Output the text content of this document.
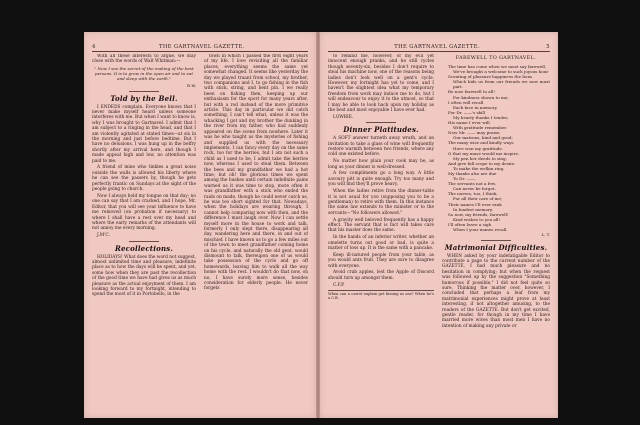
4	THE GARTNAVEL GAZETTE.

With all these interests to argue, we may close with the words of Walt Whitman:—

" Now I see the secret of the making of the best persons. It is to grow in the open air and to eat and sleep with the earth."
R.W.
Told by the Bell.

I ENDEDS complain. Everyone knows that I never make myself heard unless someone interferes with me. But when I want to know is, why I was brought to Gartnavel. I admit that I am subject to a ringing in the head, and that I am violently agitated at stated times—at six in the morning and just before bedtime. But I have no delusions. I was hung up in the belfry shortly after my arrival here, and though I made appeal high and low, no attention was paid to me.

A friend of mine who tinkles a great noise outside the walls is allowed his liberty where he can see the passers by, though he gets perfectly frantic on Sundays at the sight of the people going to church.

Now I always hold my tongue on that day; no one can say that I am cracked, and I hope, Mr. Editor, that you will see your influence to have me removed (on probation if necessary) to where I shall have a rest over my head and where the early remarks of the attendants will not annoy me every morning.

J.M'C.

Recollections.

HOLIDAYS! What does the word not suggest, almost unlimited time and pleasure, indefinite place as to how the days will be spent, and yet, some how when they are past the recollection of the good time we have had gives us as much pleasure as the actual enjoyment of them. I am looking forward to my fortnight, intending to spend the most of it in Portobello, in the

town in which I passed the first eight years of my life. I love revisiting all the familiar places, everything seems the same yet somewhat changed. It seems like yesterday the day we played truant from school, my brother, two companions and I, to go fishing in the fish with stick, string, and bent pin. I we really been on fishing then, keeping up our enthusiasm for the sport for many years after, but with a rod instead of the more primitive article. This day in particular we did catch something, I can't tell what, unless it was the whacking I got and my brother the dunking in the river from my father, who had suddenly appeared on the scene from nowhere. Later it was he who taught us the mysteries of fishing and supplied us with the necessary implements. I can fancy every day on the same rock, too for the berries, but I am not such a child as I used to be, I admit take the berries now, whereas I used to steal them. Between the bees and my grandfather we had a hot time; but oh! the glorious times we spent among the bushes until certain indefinite pains warned us it was time to stop, more often it was grandfather with a stick who ended the raids on made, though he could never catch us, he was too short sighted for that. Nowadays, when the holidays are wearing through, I cannot help comparing now with then, and the difference I must laugh over. Now I can settle myself more in the house to work and talk, formerly I only slept there, disappearing all day, wandering here and there, in and out of mischief. I have known us to go a few miles out of the town to meet grandfather coming home on his cycle, and naturally the old gent. would dismount to talk, thereupon one of us would take possession of the cycle and go off homewards, leaving him to walk all the way home with the rest. I wouldn't do that now, oh no, I have surely more sense, besides consideration for elderly people. He never forgets

THE GARTNAVEL GAZETTE.	5

to remind me, however, of my evil yet innocent enough pranks, and he still cycles though seventy-six, besides I don't require to steal his machine now, one of the reasons being ladies don't look well on a gent's cycle. However, my fortnight has yet to come, and I haven't the slightest idea what my temporary freedom from work may induce me to do, but I will endeavour to enjoy it to the utmost, so that I may be able to look back upon my holiday as the best and most enjoyable I have ever had.

LOWRIE.

Dinner Platitudes.

A SOFT answer turneth away wrath, and an invitation to take a glass of wine will frequently restore warmth between two friends, where any cold one existed before.

No matter how plain your cook may be, as long as your dinner is well-dressed.

A few compliments go a long way. A little savoury pitt is quite enough. Try too many and you will find they'll prove heavy.

When the ladies retire from the dinner-table it is not usual for you (supposing you to be a gentleman) to retire with them. In this instance the same law extends to the minister or to the servants—"No followers allowed."

A gravity well beloved frequently has a happy effect. The servant that is fact will takes care that his master does the same.

In the hands of an inferior writer, whether an omelette turns out good or bad, is quite a matter of toss up. It is the same with a pancake.

Keep ill-natured people from your table, as you would ants fruit. They are sure to disagree with everyone.

Avoid crab apples, lest the Apple of Discord should turn up amongst them.

C.F.P.

When can a carrot explain get kissing as sea? When he's a C.B.
FAREWELL TO GARTNAVEL.
The time has come when we must say farewell,
We've brought a welcome to such joyous hour
Scenting of pleasure happiness the lions
Which bids us from our friends we now must part.
Re now farewell to all!
For kindness shown to me;
I often will recall
Each face in memory.
For Dr. ——'s skill
My hearty thanks I tender,
His name I ever will
With gratitude remember.
Now Mr. —— may praise,
Our matrons, kind and good;
The many wise and kindly ways
Have won my gratitude.
O that my muse would me inspire,
My pen her deeds to sing,
And give full scope to my desire
To make the welkin ring.
My thanks also are due
To Dr. ——,
The servants not a few,
Can never be forgot.
The nurses, too, I think,
For all their care of me;
Their names I'll ever rank
In fondest memory.
So now, my friends, farewell!
Kind wishes to you all!
I'll often leave a sigh
When I your names recall.
L. T.
Matrimonial Difficulties.

WHEN asked by your indefatigable Editor to contribute a page to the current number of the GAZETTE, I had much pleasure and no hesitation in complying; but when the request was followed up by the suggestion "Something humorous if possible," I did not feel quite so sure. Thinking the matter over, however, I concluded that perhaps a leaf from my matrimonial experiences might prove at least interesting, if not altogether amusing, to the readers of the GAZETTE. But don't get excited, gentle reader, for though in my time I have married more wives than most men I have no intention of making any private or
